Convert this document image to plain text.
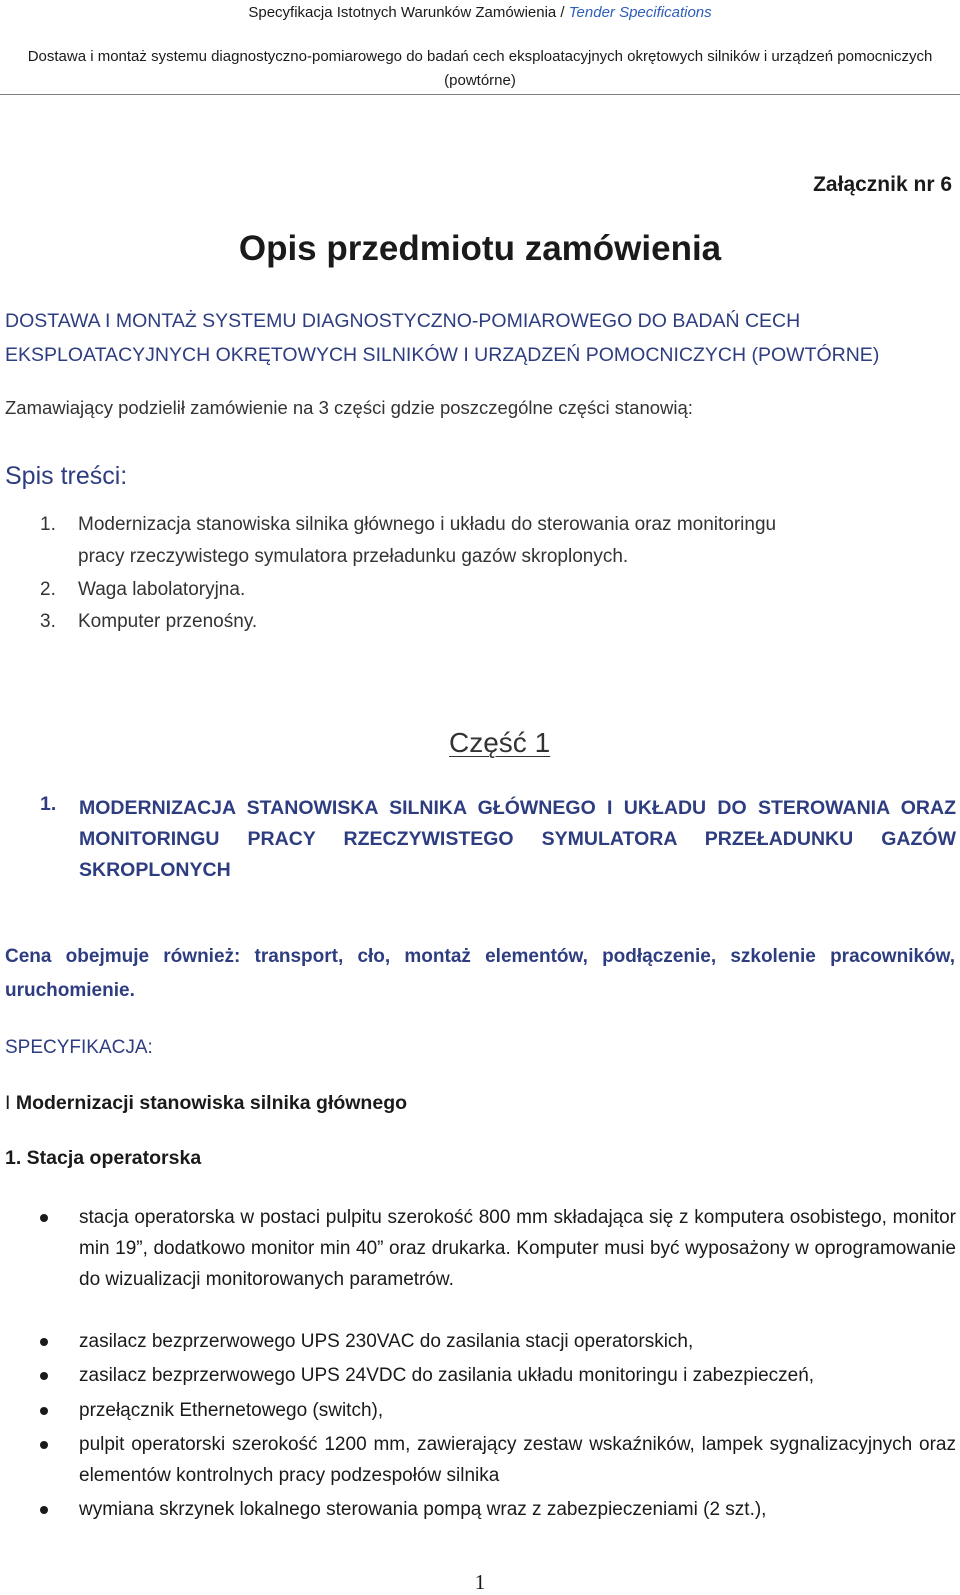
Specyfikacja Istotnych Warunków Zamówienia / Tender Specifications
Dostawa i montaż systemu diagnostyczno-pomiarowego do badań cech eksploatacyjnych okrętowych silników i urządzeń pomocniczych (powtórne)
Załącznik nr 6
Opis przedmiotu zamówienia
DOSTAWA I MONTAŻ SYSTEMU DIAGNOSTYCZNO-POMIAROWEGO DO BADAŃ CECH EKSPLOATACYJNYCH OKRĘTOWYCH SILNIKÓW I URZĄDZEŃ POMOCNICZYCH (POWTÓRNE)
Zamawiający podzielił zamówienie na 3 części gdzie poszczególne części stanowią:
Spis treści:
1. Modernizacja stanowiska silnika głównego i układu do sterowania oraz monitoringu
pracy rzeczywistego symulatora przeładunku gazów skroplonych.
2. Waga labolatoryjna.
3. Komputer przenośny.
Część 1
1. MODERNIZACJA STANOWISKA SILNIKA GŁÓWNEGO I UKŁADU DO STEROWANIA ORAZ MONITORINGU PRACY RZECZYWISTEGO SYMULATORA PRZEŁADUNKU GAZÓW SKROPLONYCH
Cena obejmuje również: transport, cło, montaż elementów, podłączenie, szkolenie pracowników, uruchomienie.
SPECYFIKACJA:
I Modernizacji stanowiska silnika głównego
1. Stacja operatorska
stacja operatorska w postaci pulpitu szerokość 800 mm składająca się z komputera osobistego, monitor min 19”, dodatkowo monitor min 40” oraz drukarka. Komputer musi być wyposażony w oprogramowanie do wizualizacji monitorowanych parametrów.
zasilacz bezprzerwowego UPS 230VAC do zasilania stacji operatorskich,
zasilacz bezprzerwowego UPS 24VDC do zasilania układu monitoringu i zabezpieczeń,
przełącznik Ethernetowego (switch),
pulpit operatorski szerokość 1200 mm, zawierający zestaw wskaźników, lampek sygnalizacyjnych oraz elementów kontrolnych pracy podzespołów silnika
wymiana skrzynek lokalnego sterowania pompą wraz z zabezpieczeniami (2 szt.),
1
